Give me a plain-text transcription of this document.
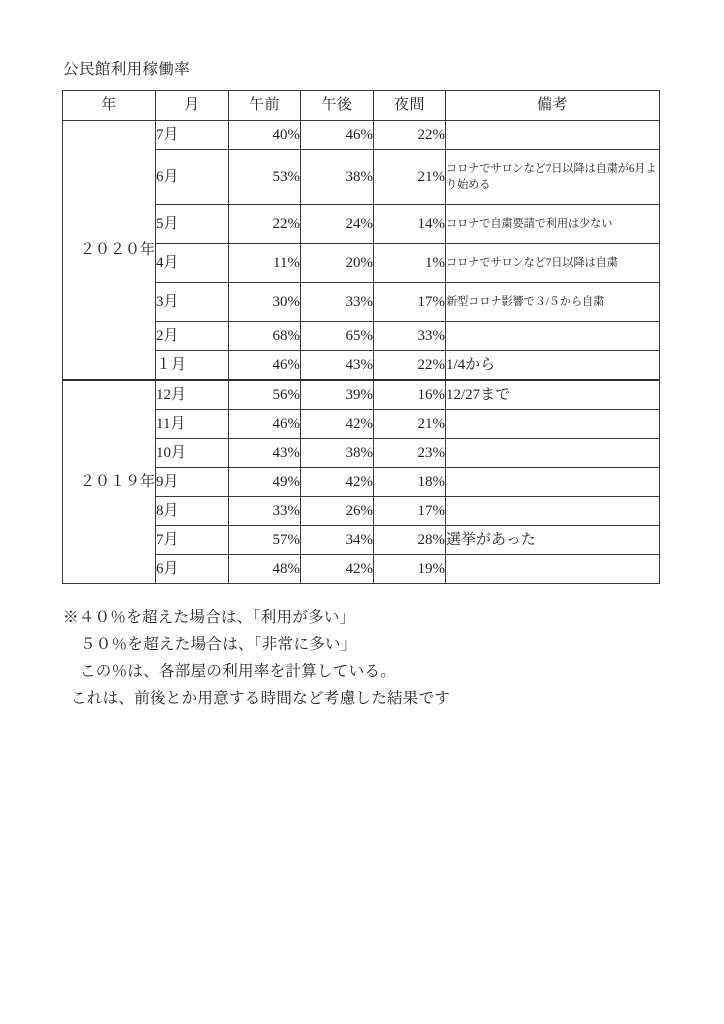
公民館利用稼働率
年	月	午前	午後	夜間	備考
２０２０年	7月	40%	46%	22%	
	6月	53%	38%	21%	コロナでサロンなど7日以降は自粛が6月より始める
	5月	22%	24%	14%	コロナで自粛要請で利用は少ない
	4月	11%	20%	1%	コロナでサロンなど7日以降は自粛
	3月	30%	33%	17%	新型コロナ影響で３/５から自粛
	2月	68%	65%	33%	
	１月	46%	43%	22%	1/4から
２０１９年	12月	56%	39%	16%	12/27まで
	11月	46%	42%	21%	
	10月	43%	38%	23%	
	9月	49%	42%	18%	
	8月	33%	26%	17%	
	7月	57%	34%	28%	選挙があった
	6月	48%	42%	19%	
※４０％を超えた場合は、「利用が多い」
５０％を超えた場合は、「非常に多い」
この％は、各部屋の利用率を計算している。
これは、前後とか用意する時間など考慮した結果です
